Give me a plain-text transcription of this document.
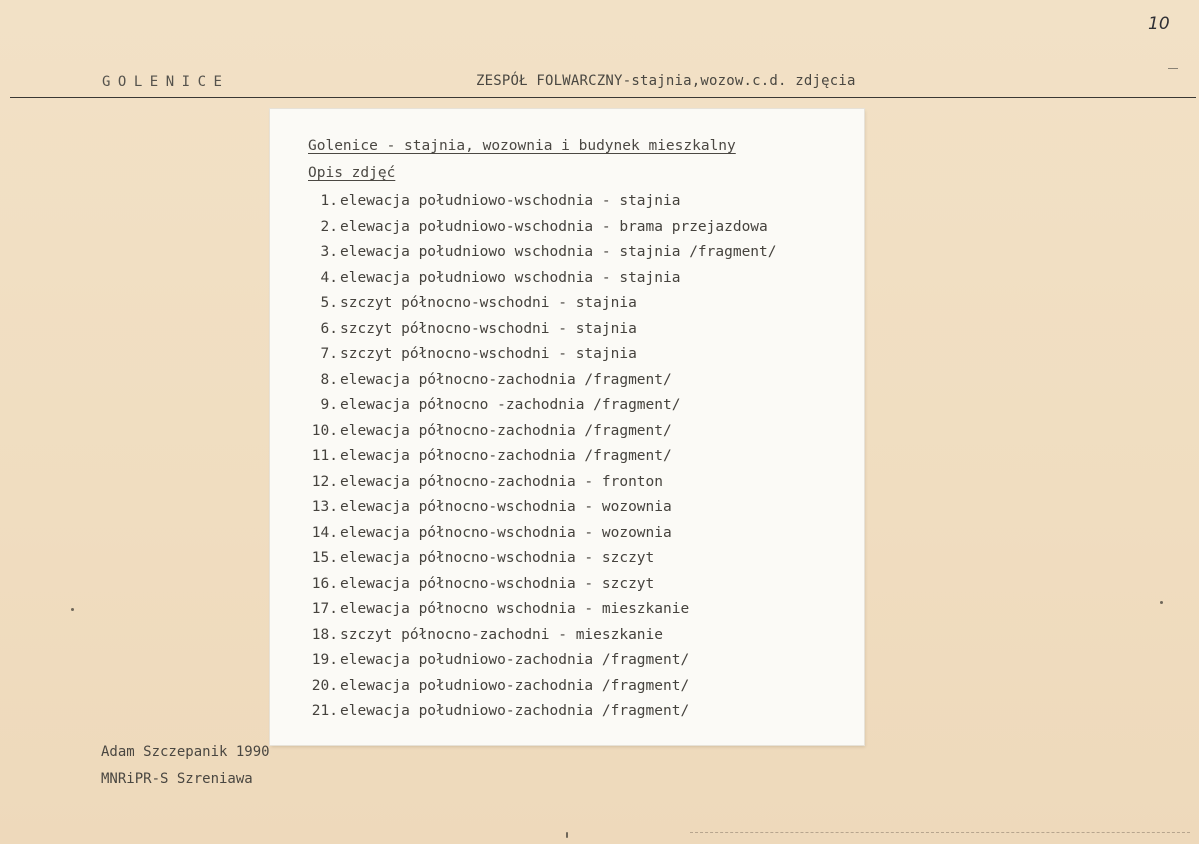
10
GOLENICE	ZESPÓŁ FOLWARCZNY-stajnia,wozow.c.d. zdjęcia
Golenice - stajnia, wozownia i budynek mieszkalny
Opis zdjęć
1. elewacja południowo-wschodnia - stajnia
2. elewacja południowo-wschodnia - brama przejazdowa
3. elewacja południowo wschodnia - stajnia /fragment/
4. elewacja południowo wschodnia - stajnia
5. szczyt północno-wschodni - stajnia
6. szczyt północno-wschodni - stajnia
7. szczyt północno-wschodni - stajnia
8. elewacja północno-zachodnia /fragment/
9. elewacja północno -zachodnia /fragment/
10. elewacja północno-zachodnia /fragment/
11. elewacja północno-zachodnia /fragment/
12. elewacja północno-zachodnia - fronton
13. elewacja północno-wschodnia - wozownia
14. elewacja północno-wschodnia - wozownia
15. elewacja północno-wschodnia - szczyt
16. elewacja północno-wschodnia - szczyt
17. elewacja północno wschodnia - mieszkanie
18. szczyt północno-zachodni - mieszkanie
19. elewacja południowo-zachodnia /fragment/
20. elewacja południowo-zachodnia /fragment/
21. elewacja południowo-zachodnia /fragment/
Adam Szczepanik 1990
MNRiPR-S Szreniawa
